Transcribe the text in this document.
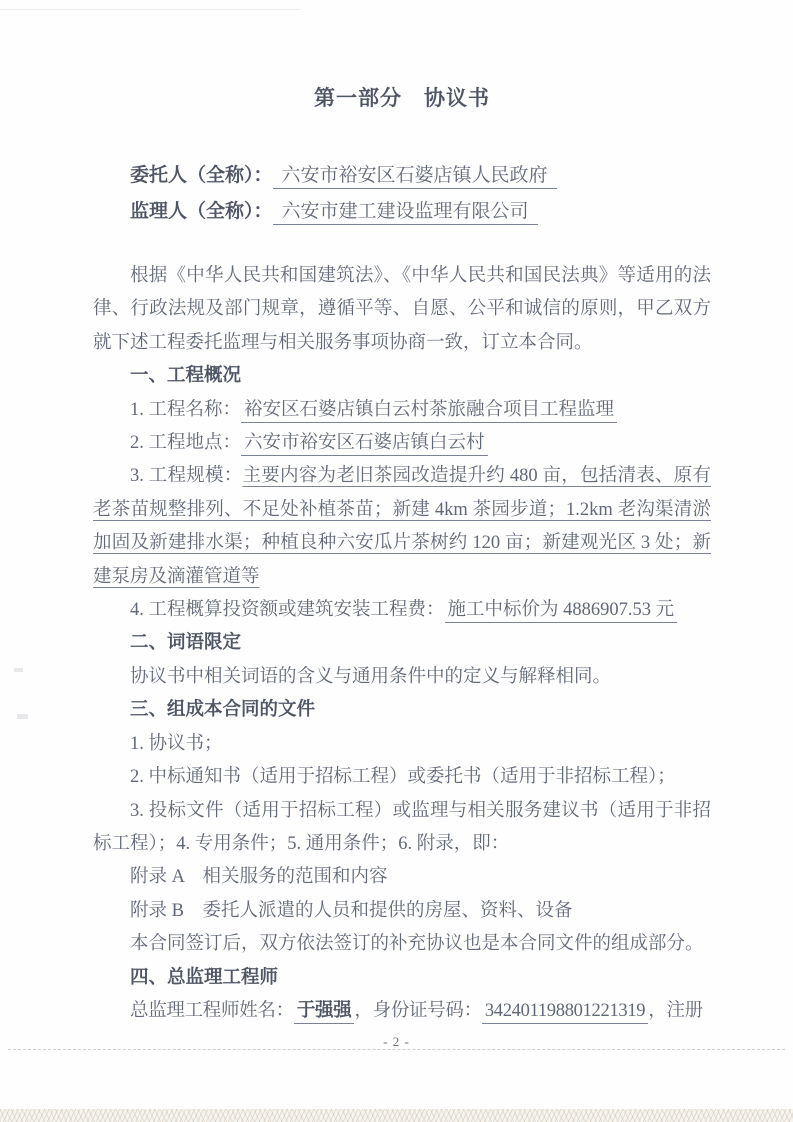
第一部分　协议书

委托人（全称）： 六安市裕安区石婆店镇人民政府

监理人（全称）： 六安市建工建设监理有限公司

根据《中华人民共和国建筑法》、《中华人民共和国民法典》等适用的法律、行政法规及部门规章，遵循平等、自愿、公平和诚信的原则，甲乙双方就下述工程委托监理与相关服务事项协商一致，订立本合同。

一、工程概况

1. 工程名称： 裕安区石婆店镇白云村茶旅融合项目工程监理

2. 工程地点： 六安市裕安区石婆店镇白云村

3. 工程规模：主要内容为老旧茶园改造提升约 480 亩，包括清表、原有老茶苗规整排列、不足处补植茶苗；新建 4km 茶园步道；1.2km 老沟渠清淤加固及新建排水渠；种植良种六安瓜片茶树约 120 亩；新建观光区 3 处；新建泵房及滴灌管道等

4. 工程概算投资额或建筑安装工程费： 施工中标价为 4886907.53 元

二、词语限定

协议书中相关词语的含义与通用条件中的定义与解释相同。

三、组成本合同的文件

1. 协议书；

2. 中标通知书（适用于招标工程）或委托书（适用于非招标工程）；

3. 投标文件（适用于招标工程）或监理与相关服务建议书（适用于非招标工程）；4. 专用条件；5. 通用条件；6. 附录，即：

附录 A　相关服务的范围和内容

附录 B　委托人派遣的人员和提供的房屋、资料、设备

本合同签订后，双方依法签订的补充协议也是本合同文件的组成部分。

四、总监理工程师

总监理工程师姓名： 于强强 ，身份证号码： 342401198801221319 ，注册

- 2 -
